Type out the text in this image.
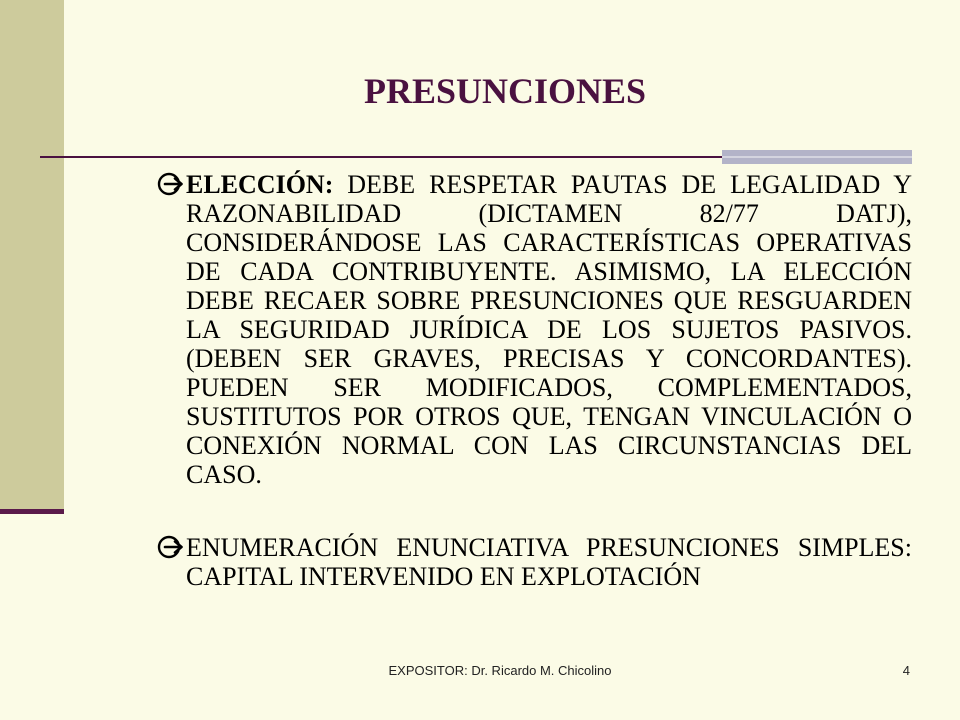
PRESUNCIONES
ELECCIÓN: DEBE RESPETAR PAUTAS DE LEGALIDAD Y RAZONABILIDAD (DICTAMEN 82/77 DATJ), CONSIDERÁNDOSE LAS CARACTERÍSTICAS OPERATIVAS DE CADA CONTRIBUYENTE. ASIMISMO, LA ELECCIÓN DEBE RECAER SOBRE PRESUNCIONES QUE RESGUARDEN LA SEGURIDAD JURÍDICA DE LOS SUJETOS PASIVOS. (DEBEN SER GRAVES, PRECISAS Y CONCORDANTES). PUEDEN SER MODIFICADOS, COMPLEMENTADOS, SUSTITUTOS POR OTROS QUE, TENGAN VINCULACIÓN O CONEXIÓN NORMAL CON LAS CIRCUNSTANCIAS DEL CASO.
ENUMERACIÓN ENUNCIATIVA PRESUNCIONES SIMPLES: CAPITAL INTERVENIDO EN EXPLOTACIÓN
EXPOSITOR: Dr. Ricardo M. Chicolino	4
